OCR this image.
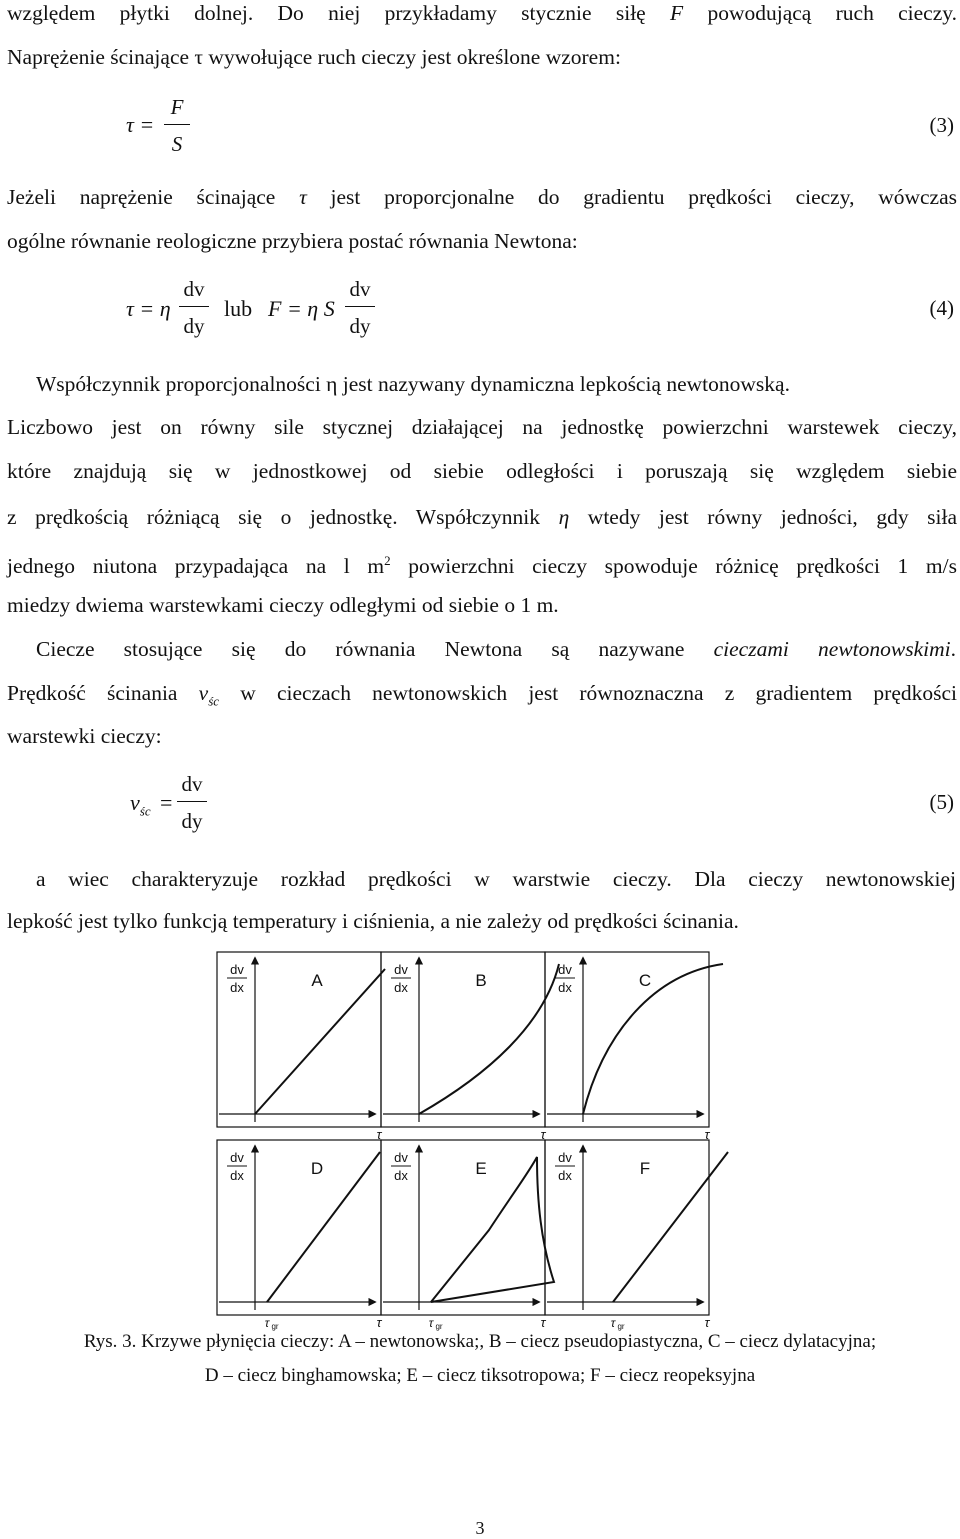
względem płytki dolnej. Do niej przykładamy stycznie siłę F powodującą ruch cieczy.
Naprężenie ścinające τ wywołujące ruch cieczy jest określone wzorem:
τ =
F
S
(3)
Jeżeli naprężenie ścinające τ jest proporcjonalne do gradientu prędkości cieczy, wówczas
ogólne równanie reologiczne przybiera postać równania Newtona:
τ = η
dv
dy
lub F = η S
dv
dy
(4)
Współczynnik proporcjonalności η jest nazywany dynamiczna lepkością newtonowską.
Liczbowo jest on równy sile stycznej działającej na jednostkę powierzchni warstewek cieczy,
które znajdują się w jednostkowej od siebie odległości i poruszają się względem siebie
z prędkością różniącą się o jednostkę. Współczynnik η wtedy jest równy jedności, gdy siła
jednego niutona przypadająca na l $m^2$ powierzchni cieczy spowoduje różnicę prędkości 1 m/s
miedzy dwiema warstewkami cieczy odległymi od siebie o 1 m.
Ciecze stosujące się do równania Newtona są nazywane cieczami newtonowskimi.
Prędkość ścinania $v_{śc}$ w cieczach newtonowskich jest równoznaczna z gradientem prędkości
warstewki cieczy:
$v_{śc}$ =
dv
dy
(5)
a wiec charakteryzuje rozkład prędkości w warstwie cieczy. Dla cieczy newtonowskiej
lepkość jest tylko funkcją temperatury i ciśnienia, a nie zależy od prędkości ścinania.
dv
dx	A
τ
dv
dx	B
τ
dv
dx	C
τ
dv
dx	D
τ
τ gr
dv
dx	E
τ
τ gr
dv
dx	F
τ
τ gr
Rys. 3. Krzywe płynięcia cieczy: A – newtonowska;, B – ciecz pseudopiastyczna, C – ciecz dylatacyjna;
D – ciecz binghamowska; E – ciecz tiksotropowa; F – ciecz reopeksyjna
3
